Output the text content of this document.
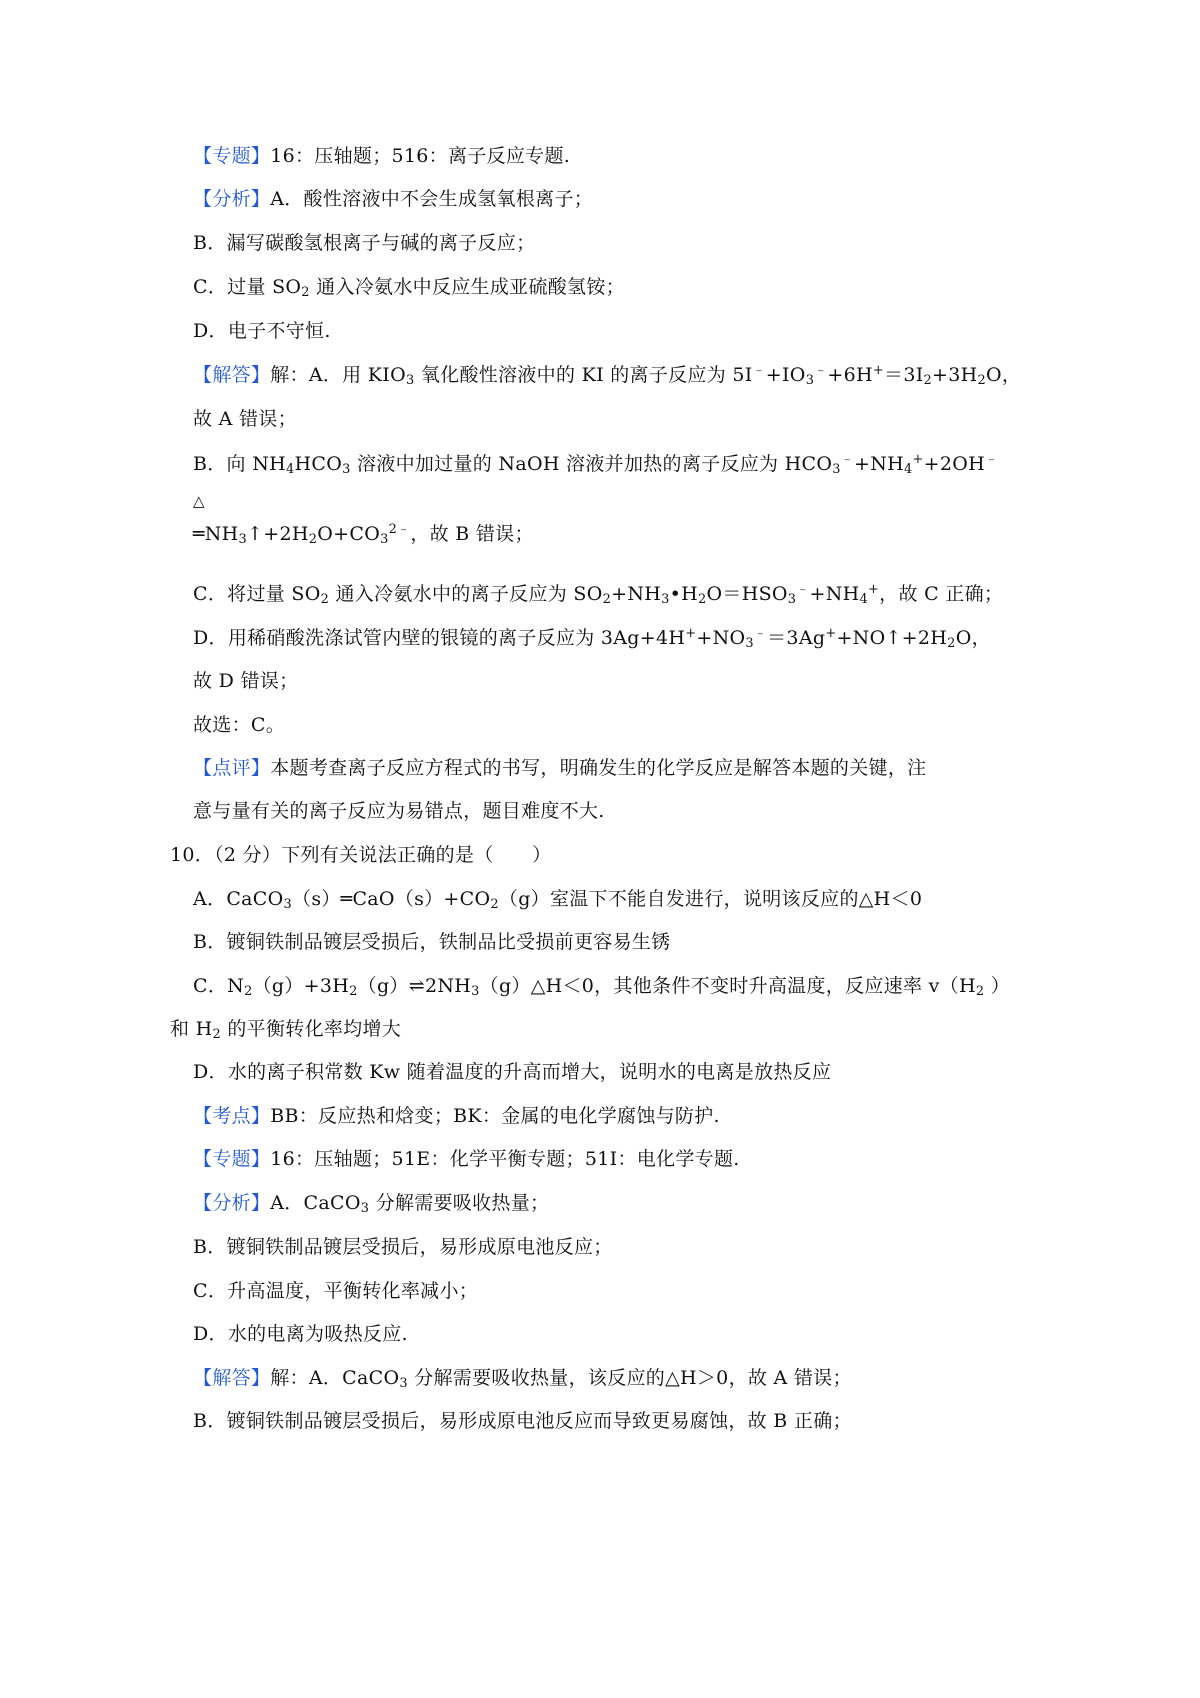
【专题】16：压轴题；516：离子反应专题.
【分析】A．酸性溶液中不会生成氢氧根离子；
B．漏写碳酸氢根离子与碱的离子反应；
C．过量 $SO_2$ 通入冷氨水中反应生成亚硫酸氢铵；
D．电子不守恒.
【解答】解：A．用 $KIO_3$ 氧化酸性溶液中的 KI 的离子反应为 $5I^﹣+IO_3^﹣+6H^+=3I_2+3H_2O$，
故 A 错误；
B．向 $NH_4HCO_3$ 溶液中加过量的 NaOH 溶液并加热的离子反应为 $HCO_3^﹣+NH_4^++2OH^﹣$
△
$═NH_3↑+2H_2O+CO_3^{2﹣}$，故 B 错误；
C．将过量 $SO_2$ 通入冷氨水中的离子反应为 $SO_2+NH_3•H_2O=HSO_3^﹣+NH_4^+$，故 C 正确；
D．用稀硝酸洗涤试管内壁的银镜的离子反应为 $3Ag+4H^++NO_3^﹣=3Ag^++NO↑+2H_2O$，
故 D 错误；
故选：C。
【点评】本题考查离子反应方程式的书写，明确发生的化学反应是解答本题的关键，注
意与量有关的离子反应为易错点，题目难度不大.
10．（2 分）下列有关说法正确的是（　　）
A．$CaCO_3(s)═CaO(s)+CO_2(g)$室温下不能自发进行，说明该反应的△H＜0
B．镀铜铁制品镀层受损后，铁制品比受损前更容易生锈
C．$N_2(g)+3H_2(g)\rightleftharpoons 2NH_3(g)\triangle H<0$，其他条件不变时升高温度，反应速率 $v(H_2$ ）
和 $H_2$ 的平衡转化率均增大
D．水的离子积常数 Kw 随着温度的升高而增大，说明水的电离是放热反应
【考点】BB：反应热和焓变；BK：金属的电化学腐蚀与防护.
【专题】16：压轴题；51E：化学平衡专题；51I：电化学专题.
【分析】A．CaCO$_3$ 分解需要吸收热量；
B．镀铜铁制品镀层受损后，易形成原电池反应；
C．升高温度，平衡转化率减小；
D．水的电离为吸热反应.
【解答】解：A．CaCO$_3$ 分解需要吸收热量，该反应的△H＞0，故 A 错误；
B．镀铜铁制品镀层受损后，易形成原电池反应而导致更易腐蚀，故 B 正确；
